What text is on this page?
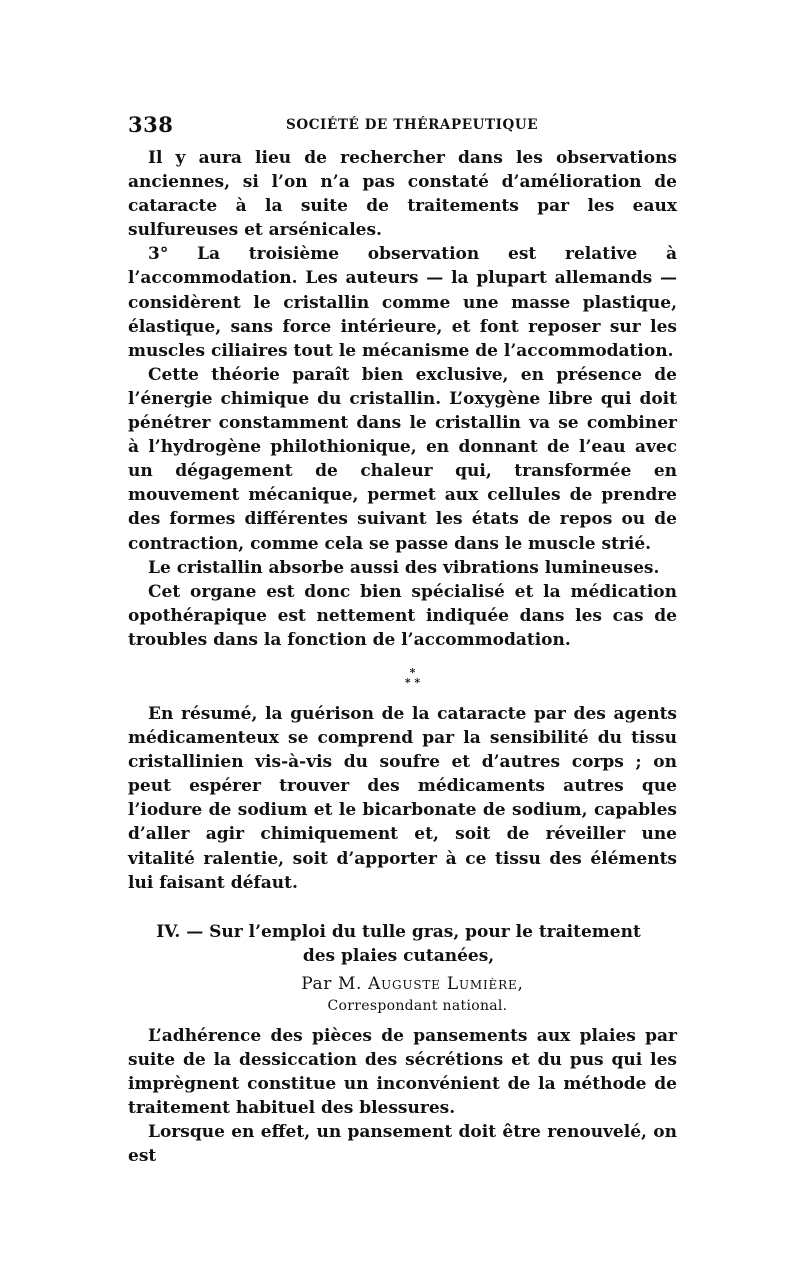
338	SOCIÉTÉ DE THÉRAPEUTIQUE

Il y aura lieu de rechercher dans les observations anciennes, si l’on n’a pas constaté d’amélioration de cataracte à la suite de traitements par les eaux sulfureuses et arsénicales.

3° La troisième observation est relative à l’accommodation. Les auteurs — la plupart allemands — considèrent le cristallin comme une masse plastique, élastique, sans force intérieure, et font reposer sur les muscles ciliaires tout le mécanisme de l’accommodation.

Cette théorie paraît bien exclusive, en présence de l’énergie chimique du cristallin. L’oxygène libre qui doit pénétrer constamment dans le cristallin va se combiner à l’hydrogène philothionique, en donnant de l’eau avec un dégagement de chaleur qui, transformée en mouvement mécanique, permet aux cellules de prendre des formes différentes suivant les états de repos ou de contraction, comme cela se passe dans le muscle strié.

Le cristallin absorbe aussi des vibrations lumineuses.

Cet organe est donc bien spécialisé et la médication opothérapique est nettement indiquée dans les cas de troubles dans la fonction de l’accommodation.

*
* *

En résumé, la guérison de la cataracte par des agents médicamenteux se comprend par la sensibilité du tissu cristallinien vis-à-vis du soufre et d’autres corps ; on peut espérer trouver des médicaments autres que l’iodure de sodium et le bicarbonate de sodium, capables d’aller agir chimiquement et, soit de réveiller une vitalité ralentie, soit d’apporter à ce tissu des éléments lui faisant défaut.

IV. — Sur l’emploi du tulle gras, pour le traitement
des plaies cutanées,
Par M. Auguste Lumière,
Correspondant national.

L’adhérence des pièces de pansements aux plaies par suite de la dessiccation des sécrétions et du pus qui les imprègnent constitue un inconvénient de la méthode de traitement habituel des blessures.

Lorsque en effet, un pansement doit être renouvelé, on est
